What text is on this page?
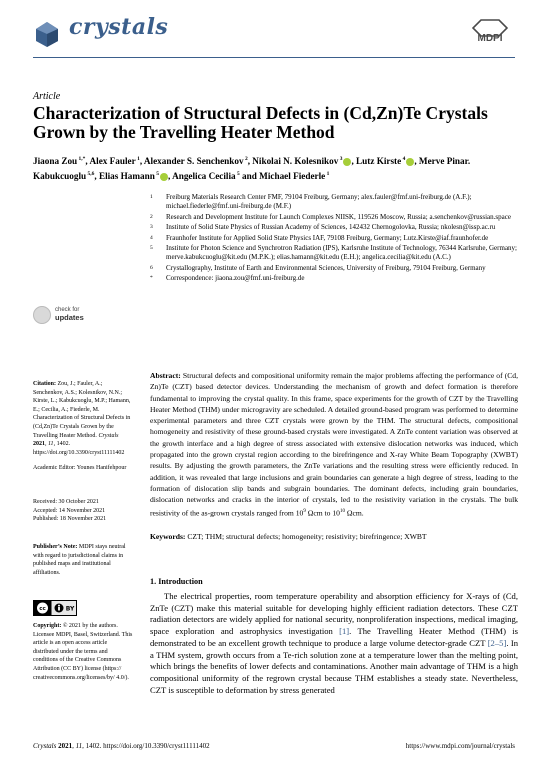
crystals	MDPI
Article
Characterization of Structural Defects in (Cd,Zn)Te Crystals Grown by the Travelling Heater Method
Jiaona Zou $^{1,*}$, Alex Fauler $^1$, Alexander S. Senchenkov $^2$, Nikolai N. Kolesnikov $^3$ , Lutz Kirste $^4$ , Merve Pinar. Kabukcuoglu $^{5,6}$, Elias Hamann $^5$ , Angelica Cecilia $^5$ and Michael Fiederle $^1$
1	Freiburg Materials Research Center FMF, 79104 Freiburg, Germany; alex.fauler@fmf.uni-freiburg.de (A.F.); michael.fiederle@fmf.uni-freiburg.de (M.F.)
2	Research and Development Institute for Launch Complexes NIISK, 119526 Moscow, Russia; a.senchenkov@russian.space
3	Institute of Solid State Physics of Russian Academy of Sciences, 142432 Chernogolovka, Russia; nkolesn@issp.ac.ru
4	Fraunhofer Institute for Applied Solid State Physics IAF, 79108 Freiburg, Germany; Lutz.Kirste@iaf.fraunhofer.de
5	Institute for Photon Science and Synchrotron Radiation (IPS), Karlsruhe Institute of Technology, 76344 Karlsruhe, Germany; merve.kabukcuoglu@kit.edu (M.P.K.); elias.hamann@kit.edu (E.H.); angelica.cecilia@kit.edu (A.C.)
6	Crystallography, Institute of Earth and Environmental Sciences, University of Freiburg, 79104 Freiburg, Germany
*	Correspondence: jiaona.zou@fmf.uni-freiburg.de
check for
updates
Citation: Zou, J.; Fauler, A.; Senchenkov, A.S.; Kolesnikov, N.N.; Kirste, L.; Kabukcuoglu, M.P.; Hamann, E.; Cecilia, A.; Fiederle, M. Characterization of Structural Defects in (Cd,Zn)Te Crystals Grown by the Travelling Heater Method. Crystals 2021, 11, 1402. https://doi.org/10.3390/cryst11111402
Academic Editor: Younes Hanifehpour
Received: 30 October 2021
Accepted: 14 November 2021
Published: 18 November 2021
Publisher’s Note: MDPI stays neutral with regard to jurisdictional claims in published maps and institutional affiliations.
cc	BY
Copyright: © 2021 by the authors. Licensee MDPI, Basel, Switzerland. This article is an open access article distributed under the terms and conditions of the Creative Commons Attribution (CC BY) license (https:// creativecommons.org/licenses/by/ 4.0/).
Abstract: Structural defects and compositional uniformity remain the major problems affecting the performance of (Cd, Zn)Te (CZT) based detector devices. Understanding the mechanism of growth and defect formation is therefore fundamental to improving the crystal quality. In this frame, space experiments for the growth of CZT by the Travelling Heater Method (THM) under microgravity are scheduled. A detailed ground-based program was performed to determine experimental parameters and three CZT crystals were grown by the THM. The structural defects, compositional homogeneity and resistivity of these ground-based crystals were investigated. A ZnTe content variation was observed at the growth interface and a high degree of stress associated with extensive dislocation networks was induced, which propagated into the grown crystal region according to the birefringence and X-ray White Beam Topography (XWBT) results. By adjusting the growth parameters, the ZnTe variations and the resulting stress were efficiently reduced. In addition, it was revealed that large inclusions and grain boundaries can generate a high degree of stress, leading to the formation of dislocation slip bands and subgrain boundaries. The dominant defects, including grain boundaries, dislocation networks and cracks in the interior of crystals, led to the resistivity variation in the crystals. The bulk resistivity of the as-grown crystals ranged from $10^9$ Ωcm to $10^{10}$ Ωcm.
Keywords: CZT; THM; structural defects; homogeneity; resistivity; birefringence; XWBT
1. Introduction
The electrical properties, room temperature operability and absorption efficiency for X-rays of (Cd, ZnTe (CZT) make this material suitable for developing highly efficient radiation detectors. These CZT radiation detectors are widely applied for national security, nonproliferation inspections, medical imaging, space exploration and astrophysics investigation [1]. The Travelling Heater Method (THM) is demonstrated to be an excellent growth technique to produce a large volume detector-grade CZT [2–5]. In a THM system, growth occurs from a Te-rich solution zone at a temperature lower than the melting point, which brings the benefits of lower defects and contaminations. Another main advantage of THM is a high compositional uniformity of the regrown crystal because THM establishes a steady state. Nevertheless, CZT is susceptible to deformation by stress generated
Crystals 2021, 11, 1402. https://doi.org/10.3390/cryst11111402	https://www.mdpi.com/journal/crystals
